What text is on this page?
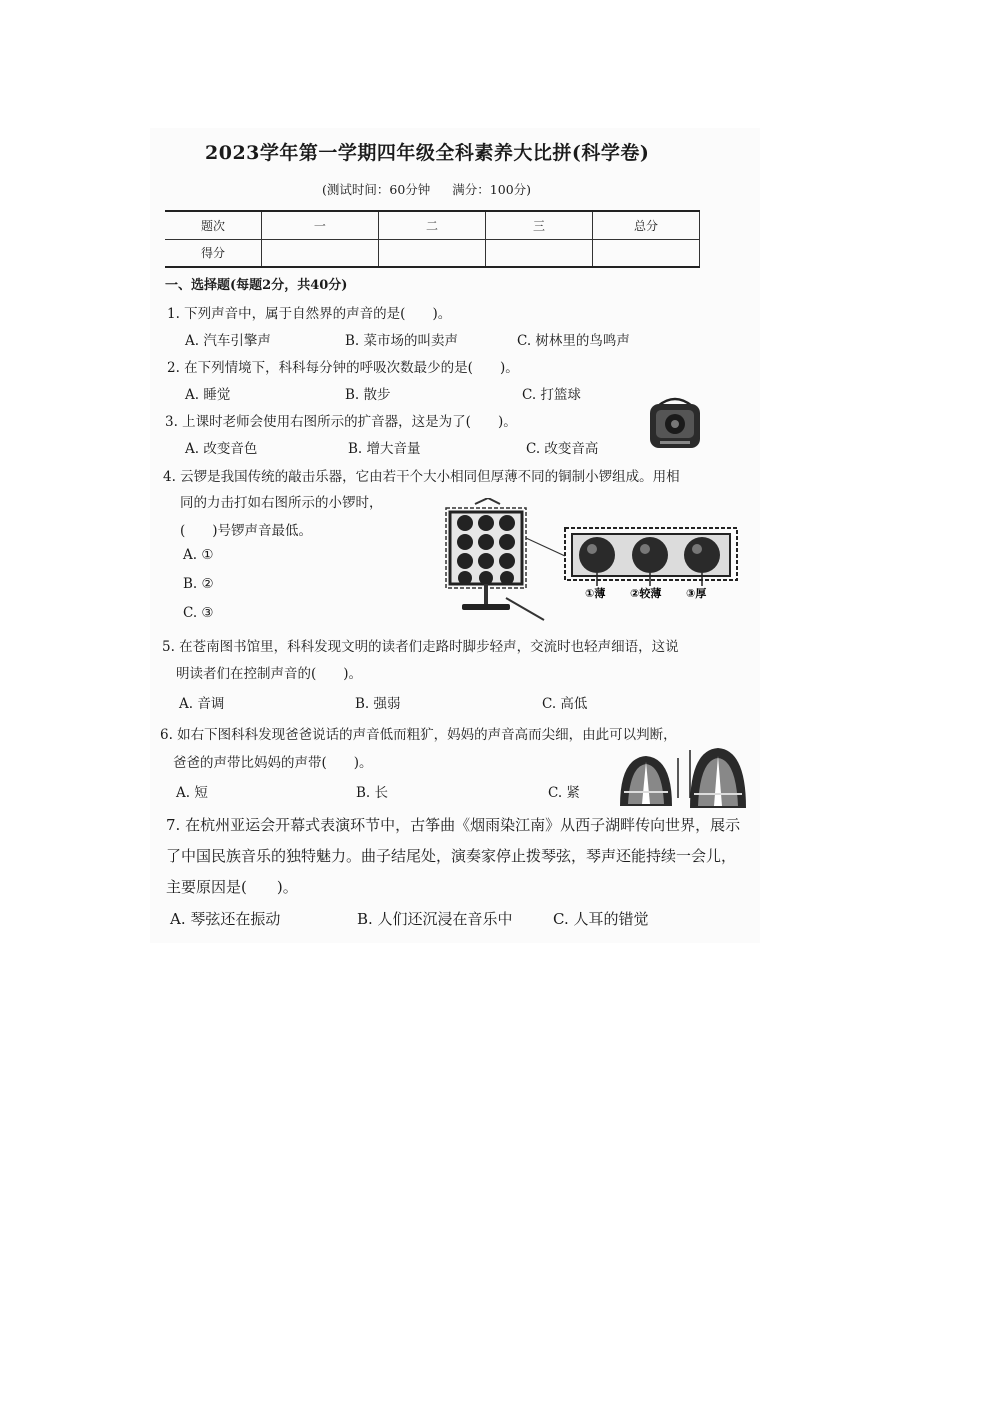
2023学年第一学期四年级全科素养大比拼(科学卷)
(测试时间：60分钟 满分：100分)
题次	一	二	三	总分
得分				
一、选择题(每题2分，共40分)
1. 下列声音中，属于自然界的声音的是(　　)。
A. 汽车引擎声	B. 菜市场的叫卖声	C. 树林里的鸟鸣声
2. 在下列情境下，科科每分钟的呼吸次数最少的是(　　)。
A. 睡觉	B. 散步	C. 打篮球
3. 上课时老师会使用右图所示的扩音器，这是为了(　　)。
A. 改变音色	B. 增大音量	C. 改变音高
4. 云锣是我国传统的敲击乐器，它由若干个大小相同但厚薄不同的铜制小锣组成。用相
同的力击打如右图所示的小锣时，
(　　)号锣声音最低。
A. ①
B. ②
C. ③
①薄 ②较薄 ③厚
5. 在苍南图书馆里，科科发现文明的读者们走路时脚步轻声，交流时也轻声细语，这说
明读者们在控制声音的(　　)。
A. 音调	B. 强弱	C. 高低
6. 如右下图科科发现爸爸说话的声音低而粗犷，妈妈的声音高而尖细，由此可以判断，
爸爸的声带比妈妈的声带(　　)。
A. 短	B. 长	C. 紧
7. 在杭州亚运会开幕式表演环节中，古筝曲《烟雨染江南》从西子湖畔传向世界，展示
了中国民族音乐的独特魅力。曲子结尾处，演奏家停止拨琴弦，琴声还能持续一会儿，
主要原因是(　　)。
A. 琴弦还在振动	B. 人们还沉浸在音乐中	C. 人耳的错觉
